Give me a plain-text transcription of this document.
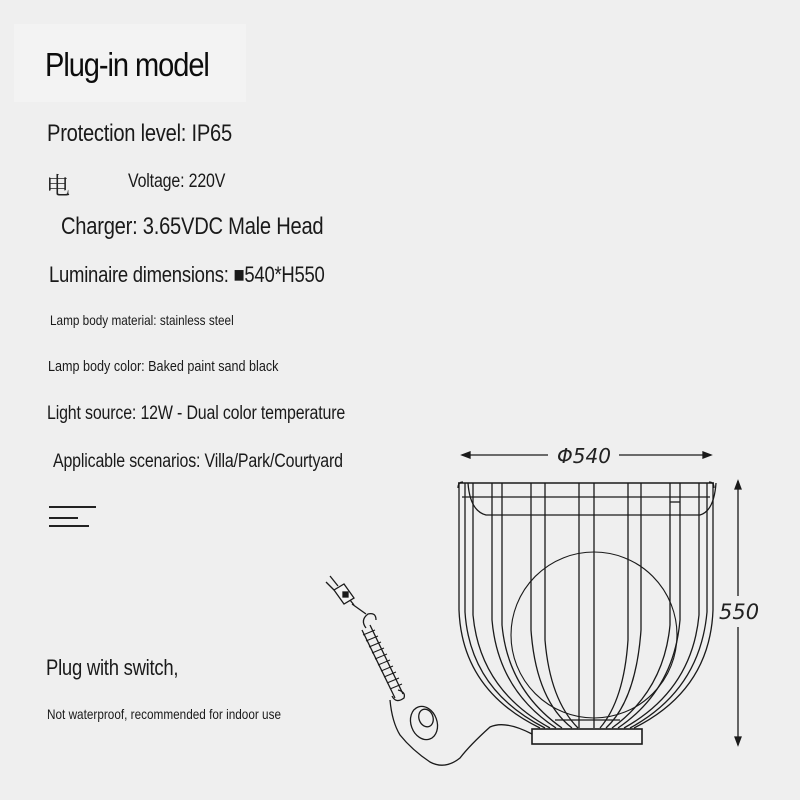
Plug-in model
Protection level: IP65
电	Voltage: 220V
Charger: 3.65VDC Male Head
Luminaire dimensions: ■540*H550
Lamp body material: stainless steel
Lamp body color: Baked paint sand black
Light source: 12W - Dual color temperature
Applicable scenarios: Villa/Park/Courtyard
Plug with switch,
Not waterproof, recommended for indoor use
Φ540
550
